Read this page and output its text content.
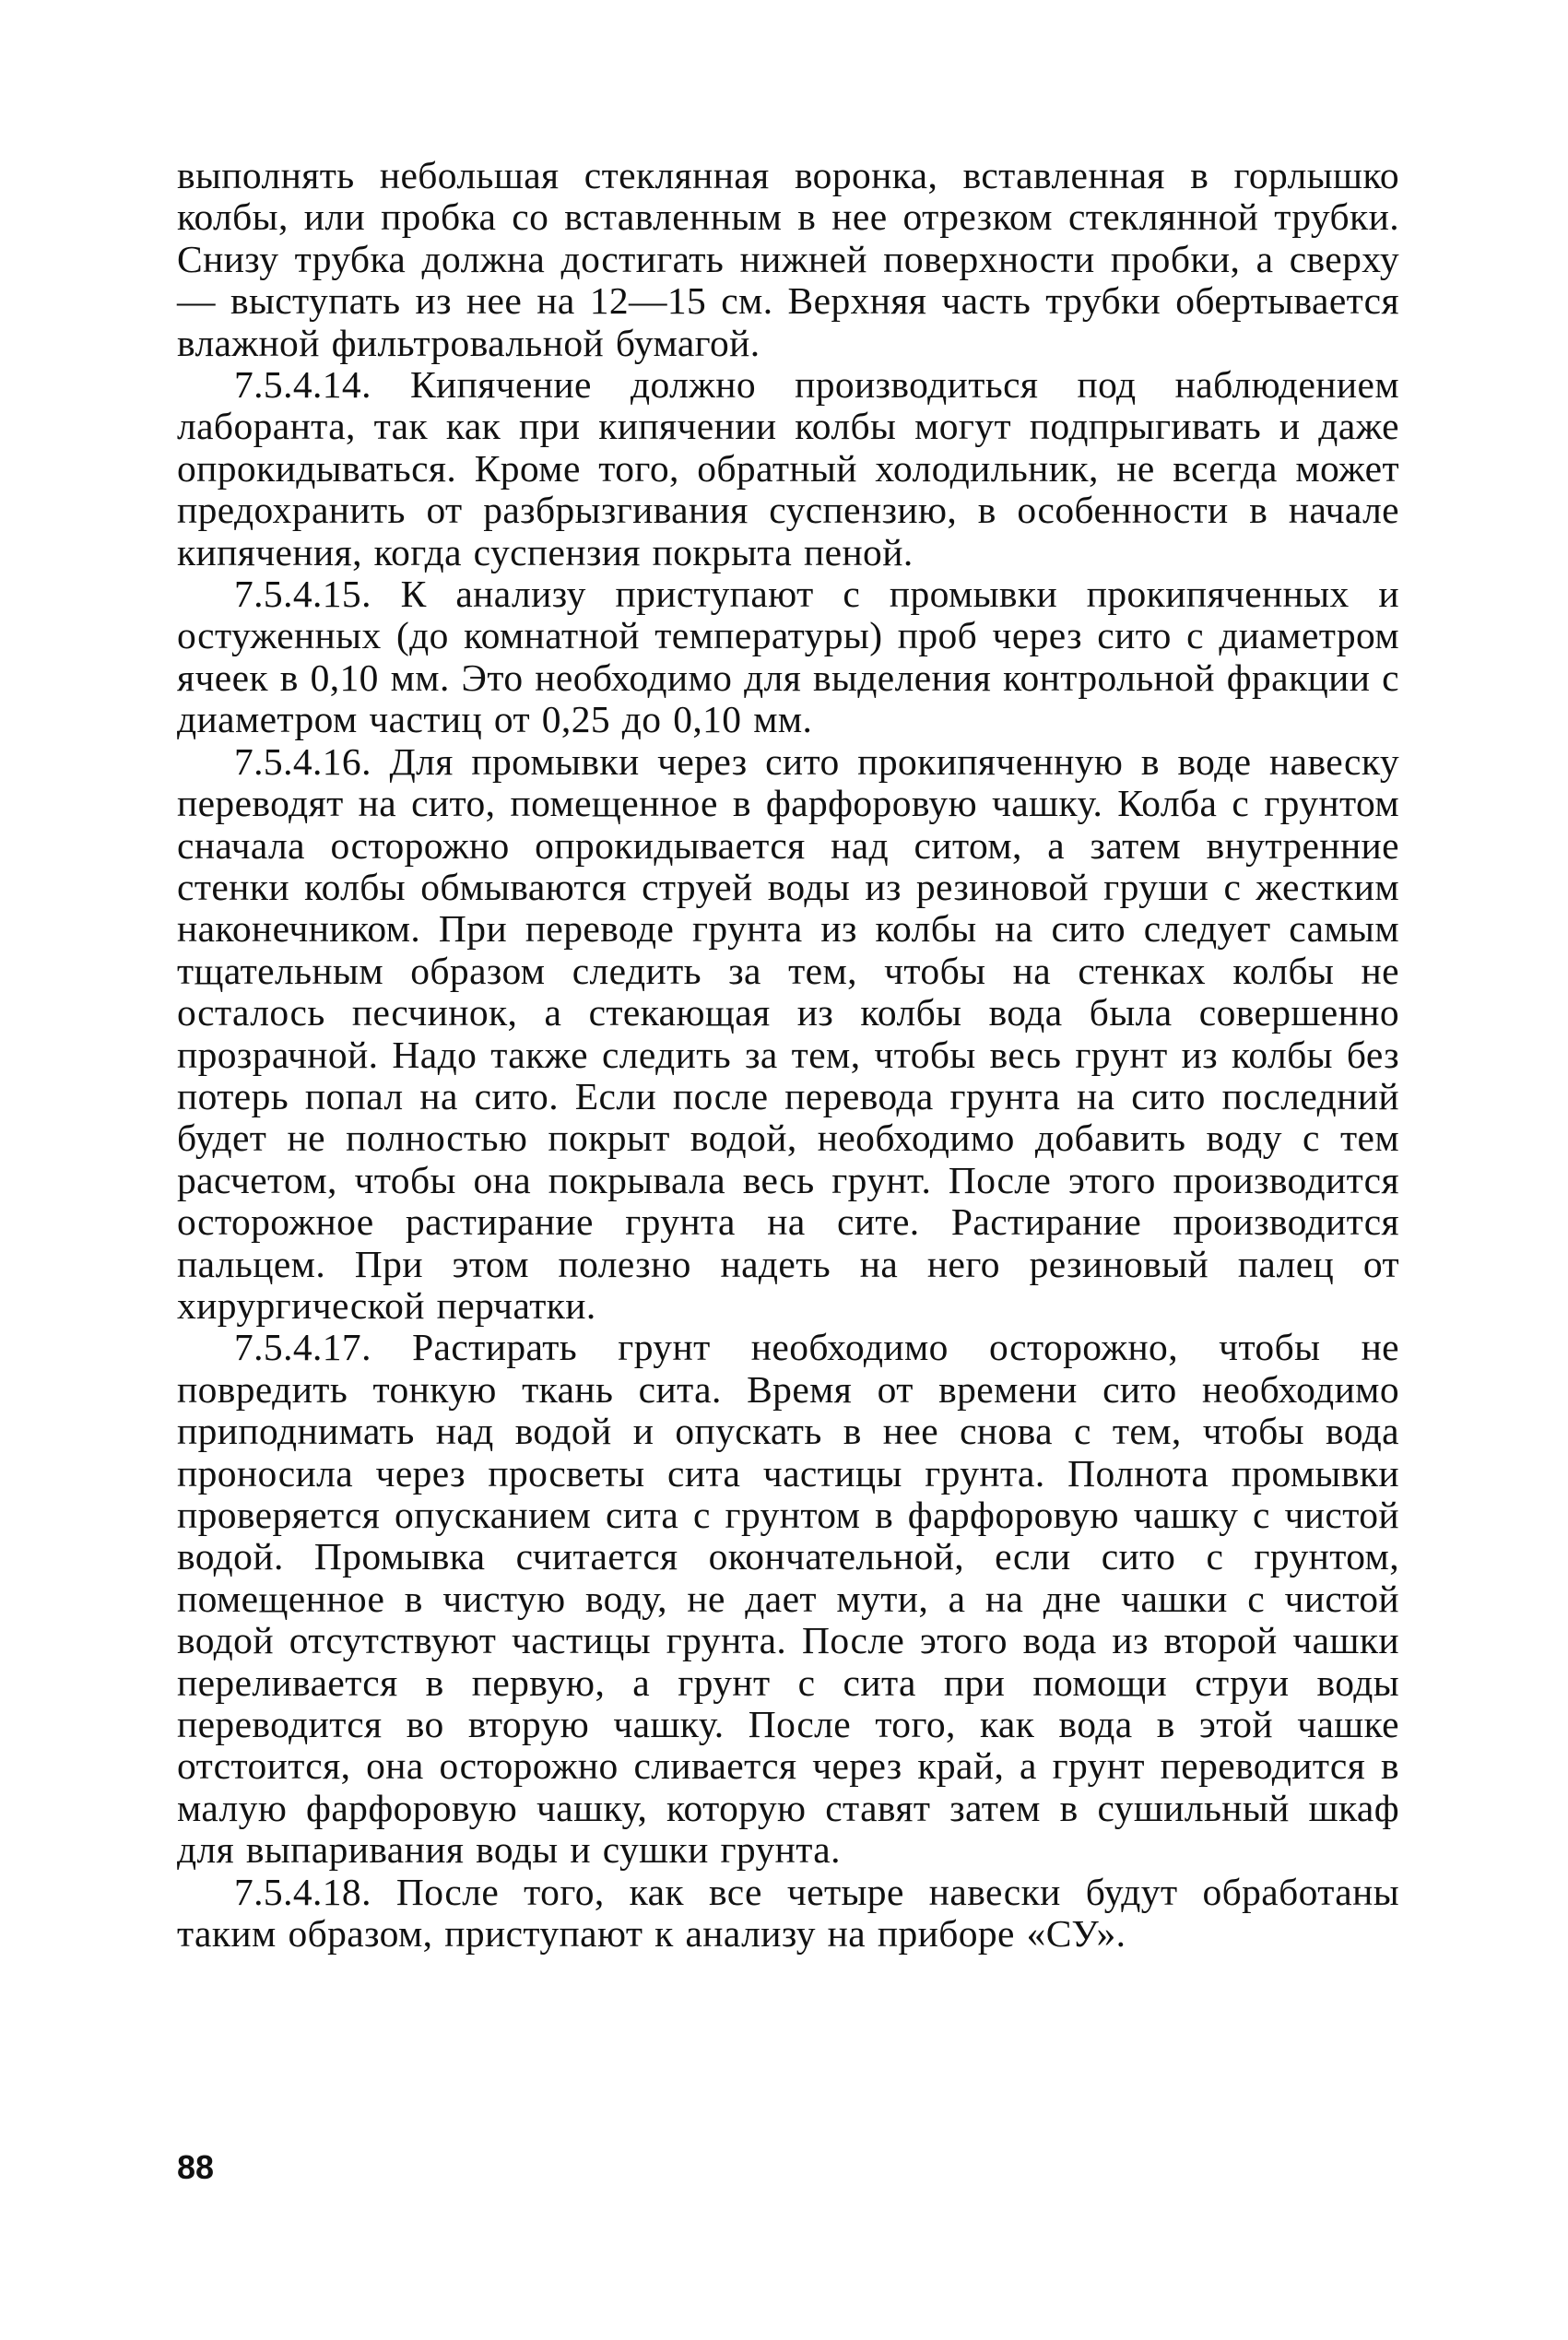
выполнять небольшая стеклянная воронка, вставленная в горлышко колбы, или пробка со вставленным в нее отрезком стеклянной трубки. Снизу трубка должна достигать нижней поверхности пробки, а сверху — выступать из нее на 12—15 см. Верхняя часть трубки обертывается влажной фильтровальной бумагой.

7.5.4.14. Кипячение должно производиться под наблюдением лаборанта, так как при кипячении колбы могут подпрыгивать и даже опрокидываться. Кроме того, обратный холодильник, не всегда может предохранить от разбрызгивания суспензию, в особенности в начале кипячения, когда суспензия покрыта пеной.

7.5.4.15. К анализу приступают с промывки прокипяченных и остуженных (до комнатной температуры) проб через сито с диаметром ячеек в 0,10 мм. Это необходимо для выделения контрольной фракции с диаметром частиц от 0,25 до 0,10 мм.

7.5.4.16. Для промывки через сито прокипяченную в воде навеску переводят на сито, помещенное в фарфоровую чашку. Колба с грунтом сначала осторожно опрокидывается над ситом, а затем внутренние стенки колбы обмываются струей воды из резиновой груши с жестким наконечником. При переводе грунта из колбы на сито следует самым тщательным образом следить за тем, чтобы на стенках колбы не осталось песчинок, а стекающая из колбы вода была совершенно прозрачной. Надо также следить за тем, чтобы весь грунт из колбы без потерь попал на сито. Если после перевода грунта на сито последний будет не полностью покрыт водой, необходимо добавить воду с тем расчетом, чтобы она покрывала весь грунт. После этого производится осторожное растирание грунта на сите. Растирание производится пальцем. При этом полезно надеть на него резиновый палец от хирургической перчатки.

7.5.4.17. Растирать грунт необходимо осторожно, чтобы не повредить тонкую ткань сита. Время от времени сито необходимо приподнимать над водой и опускать в нее снова с тем, чтобы вода проносила через просветы сита частицы грунта. Полнота промывки проверяется опусканием сита с грунтом в фарфоровую чашку с чистой водой. Промывка считается окончательной, если сито с грунтом, помещенное в чистую воду, не дает мути, а на дне чашки с чистой водой отсутствуют частицы грунта. После этого вода из второй чашки переливается в первую, а грунт с сита при помощи струи воды переводится во вторую чашку. После того, как вода в этой чашке отстоится, она осторожно сливается через край, а грунт переводится в малую фарфоровую чашку, которую ставят затем в сушильный шкаф для выпаривания воды и сушки грунта.

7.5.4.18. После того, как все четыре навески будут обработаны таким образом, приступают к анализу на приборе «СУ».

88
